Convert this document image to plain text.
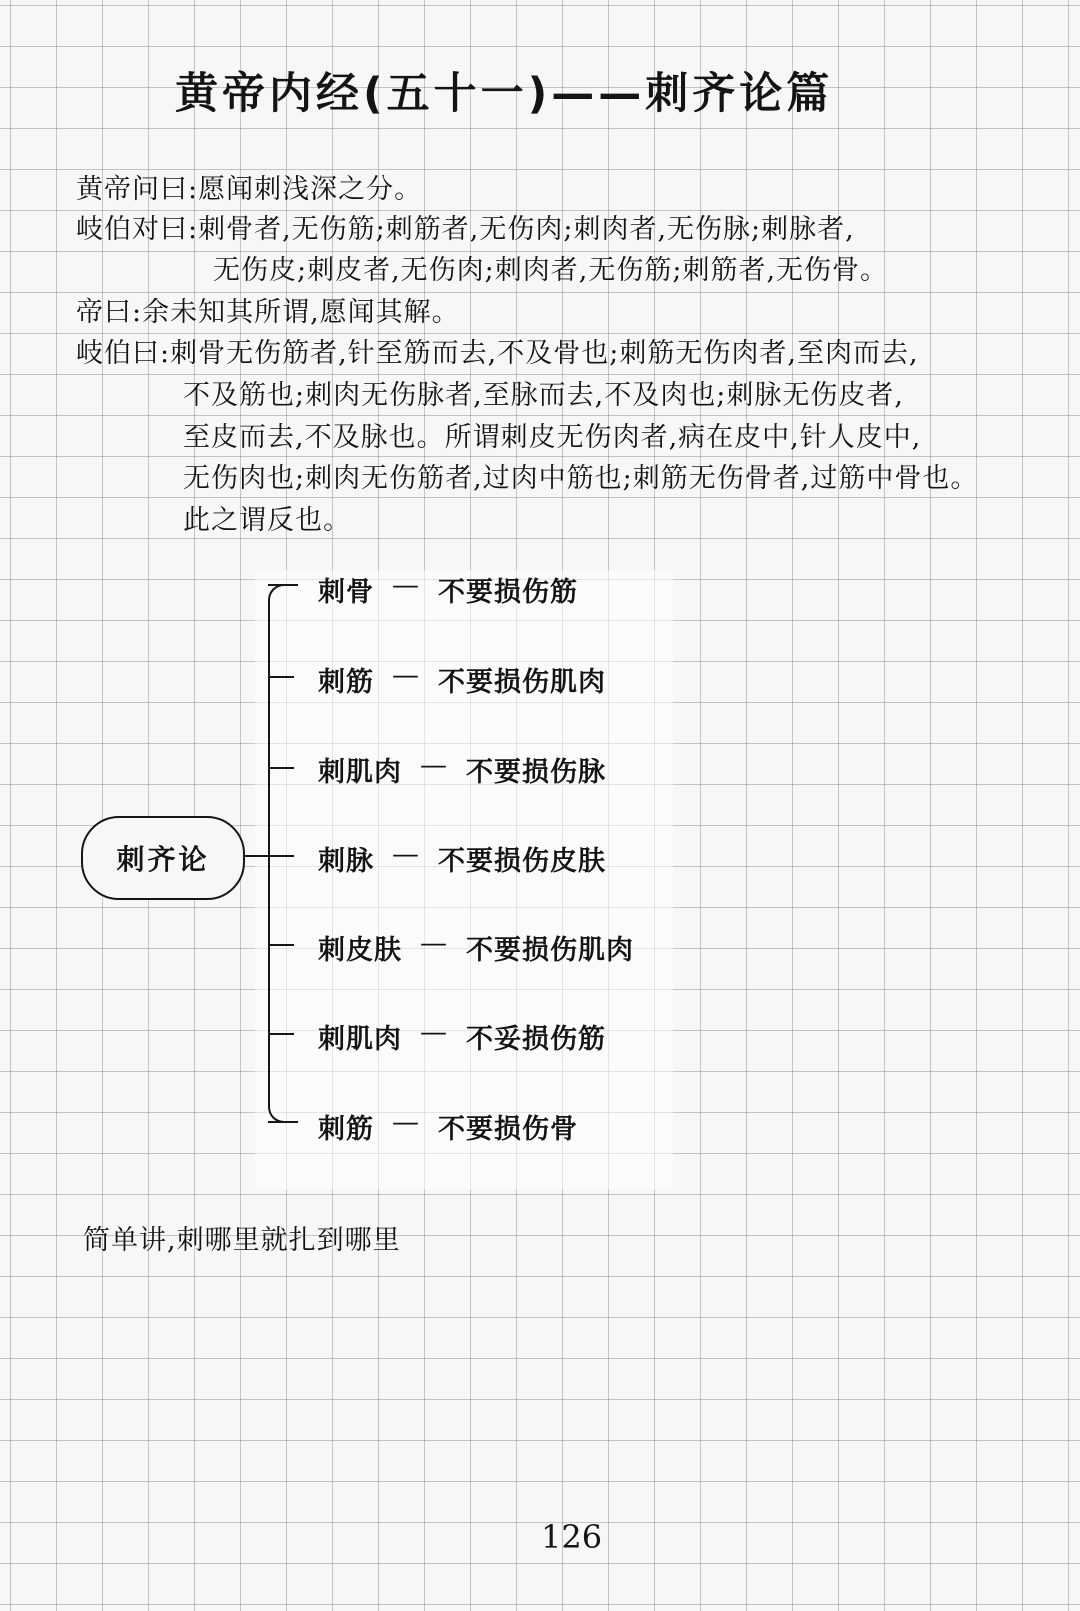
黄帝内经(五十一)——刺齐论篇
黄帝问曰:愿闻刺浅深之分。
岐伯对曰:刺骨者,无伤筋;刺筋者,无伤肉;刺肉者,无伤脉;刺脉者,
无伤皮;刺皮者,无伤肉;刺肉者,无伤筋;刺筋者,无伤骨。
帝曰:余未知其所谓,愿闻其解。
岐伯曰:刺骨无伤筋者,针至筋而去,不及骨也;刺筋无伤肉者,至肉而去,
不及筋也;刺肉无伤脉者,至脉而去,不及肉也;刺脉无伤皮者,
至皮而去,不及脉也。所谓刺皮无伤肉者,病在皮中,针人皮中,
无伤肉也;刺肉无伤筋者,过肉中筋也;刺筋无伤骨者,过筋中骨也。
此之谓反也。
刺齐论
刺骨 — 不要损伤筋
刺筋 — 不要损伤肌肉
刺肌肉 — 不要损伤脉
刺脉 — 不要损伤皮肤
刺皮肤 — 不要损伤肌肉
刺肌肉 — 不妥损伤筋
刺筋 — 不要损伤骨
简单讲,刺哪里就扎到哪里
126
